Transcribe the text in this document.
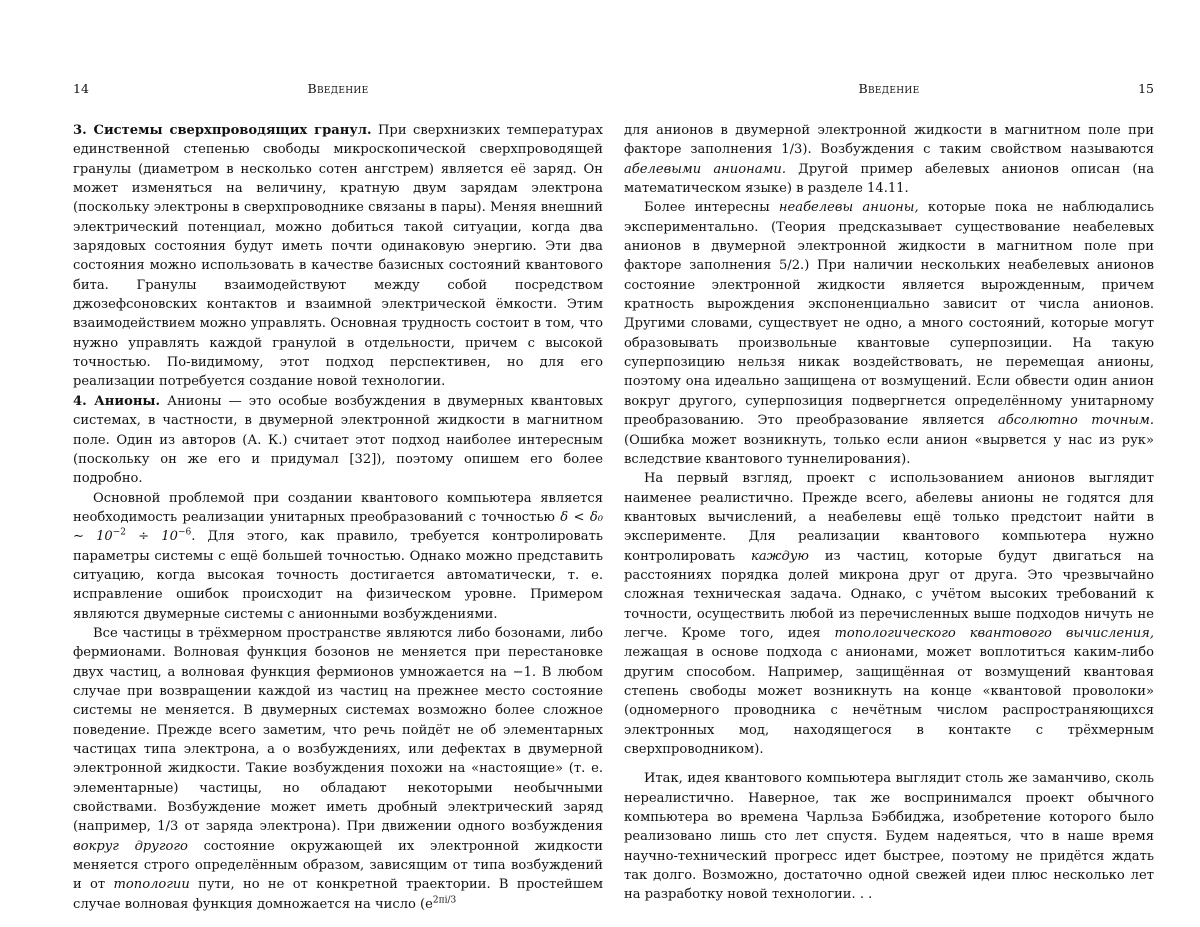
14	Введение

3. Системы сверхпроводящих гранул. При сверхнизких температурах единственной степенью свободы микроскопической сверхпроводящей гранулы (диаметром в несколько сотен ангстрем) является её заряд. Он может изменяться на величину, кратную двум зарядам электрона (поскольку электроны в сверхпроводнике связаны в пары). Меняя внешний электрический потенциал, можно добиться такой ситуации, когда два зарядовых состояния будут иметь почти одинаковую энергию. Эти два состояния можно использовать в качестве базисных состояний квантового бита. Гранулы взаимодействуют между собой посредством джозефсоновских контактов и взаимной электрической ёмкости. Этим взаимодействием можно управлять. Основная трудность состоит в том, что нужно управлять каждой гранулой в отдельности, причем с высокой точностью. По-видимому, этот подход перспективен, но для его реализации потребуется создание новой технологии.

4. Анионы. Анионы — это особые возбуждения в двумерных квантовых системах, в частности, в двумерной электронной жидкости в магнитном поле. Один из авторов (А. К.) считает этот подход наиболее интересным (поскольку он же его и придумал [32]), поэтому опишем его более подробно.

Основной проблемой при создании квантового компьютера является необходимость реализации унитарных преобразований с точностью δ < δ₀ ∼ $10^{-2} \div 10^{-6}$. Для этого, как правило, требуется контролировать параметры системы с ещё большей точностью. Однако можно представить ситуацию, когда высокая точность достигается автоматически, т. е. исправление ошибок происходит на физическом уровне. Примером являются двумерные системы с анионными возбуждениями.

Все частицы в трёхмерном пространстве являются либо бозонами, либо фермионами. Волновая функция бозонов не меняется при перестановке двух частиц, а волновая функция фермионов умножается на −1. В любом случае при возвращении каждой из частиц на прежнее место состояние системы не меняется. В двумерных системах возможно более сложное поведение. Прежде всего заметим, что речь пойдёт не об элементарных частицах типа электрона, а о возбуждениях, или дефектах в двумерной электронной жидкости. Такие возбуждения похожи на «настоящие» (т. е. элементарные) частицы, но обладают некоторыми необычными свойствами. Возбуждение может иметь дробный электрический заряд (например, 1/3 от заряда электрона). При движении одного возбуждения вокруг другого состояние окружающей их электронной жидкости меняется строго определённым образом, зависящим от типа возбуждений и от топологии пути, но не от конкретной траектории. В простейшем случае волновая функция домножается на число ($e^{2\pi i/3}$

Введение	15

для анионов в двумерной электронной жидкости в магнитном поле при факторе заполнения 1/3). Возбуждения с таким свойством называются абелевыми анионами. Другой пример абелевых анионов описан (на математическом языке) в разделе 14.11.

Более интересны неабелевы анионы, которые пока не наблюдались экспериментально. (Теория предсказывает существование неабелевых анионов в двумерной электронной жидкости в магнитном поле при факторе заполнения 5/2.) При наличии нескольких неабелевых анионов состояние электронной жидкости является вырожденным, причем кратность вырождения экспоненциально зависит от числа анионов. Другими словами, существует не одно, а много состояний, которые могут образовывать произвольные квантовые суперпозиции. На такую суперпозицию нельзя никак воздействовать, не перемещая анионы, поэтому она идеально защищена от возмущений. Если обвести один анион вокруг другого, суперпозиция подвергнется определённому унитарному преобразованию. Это преобразование является абсолютно точным. (Ошибка может возникнуть, только если анион «вырвется у нас из рук» вследствие квантового туннелирования).

На первый взгляд, проект с использованием анионов выглядит наименее реалистично. Прежде всего, абелевы анионы не годятся для квантовых вычислений, а неабелевы ещё только предстоит найти в эксперименте. Для реализации квантового компьютера нужно контролировать каждую из частиц, которые будут двигаться на расстояниях порядка долей микрона друг от друга. Это чрезвычайно сложная техническая задача. Однако, с учётом высоких требований к точности, осуществить любой из перечисленных выше подходов ничуть не легче. Кроме того, идея топологического квантового вычисления, лежащая в основе подхода с анионами, может воплотиться каким-либо другим способом. Например, защищённая от возмущений квантовая степень свободы может возникнуть на конце «квантовой проволоки» (одномерного проводника с нечётным числом распространяющихся электронных мод, находящегося в контакте с трёхмерным сверхпроводником).

Итак, идея квантового компьютера выглядит столь же заманчиво, сколь нереалистично. Наверное, так же воспринимался проект обычного компьютера во времена Чарльза Бэббиджа, изобретение которого было реализовано лишь сто лет спустя. Будем надеяться, что в наше время научно-технический прогресс идет быстрее, поэтому не придётся ждать так долго. Возможно, достаточно одной свежей идеи плюс несколько лет на разработку новой технологии. . .
